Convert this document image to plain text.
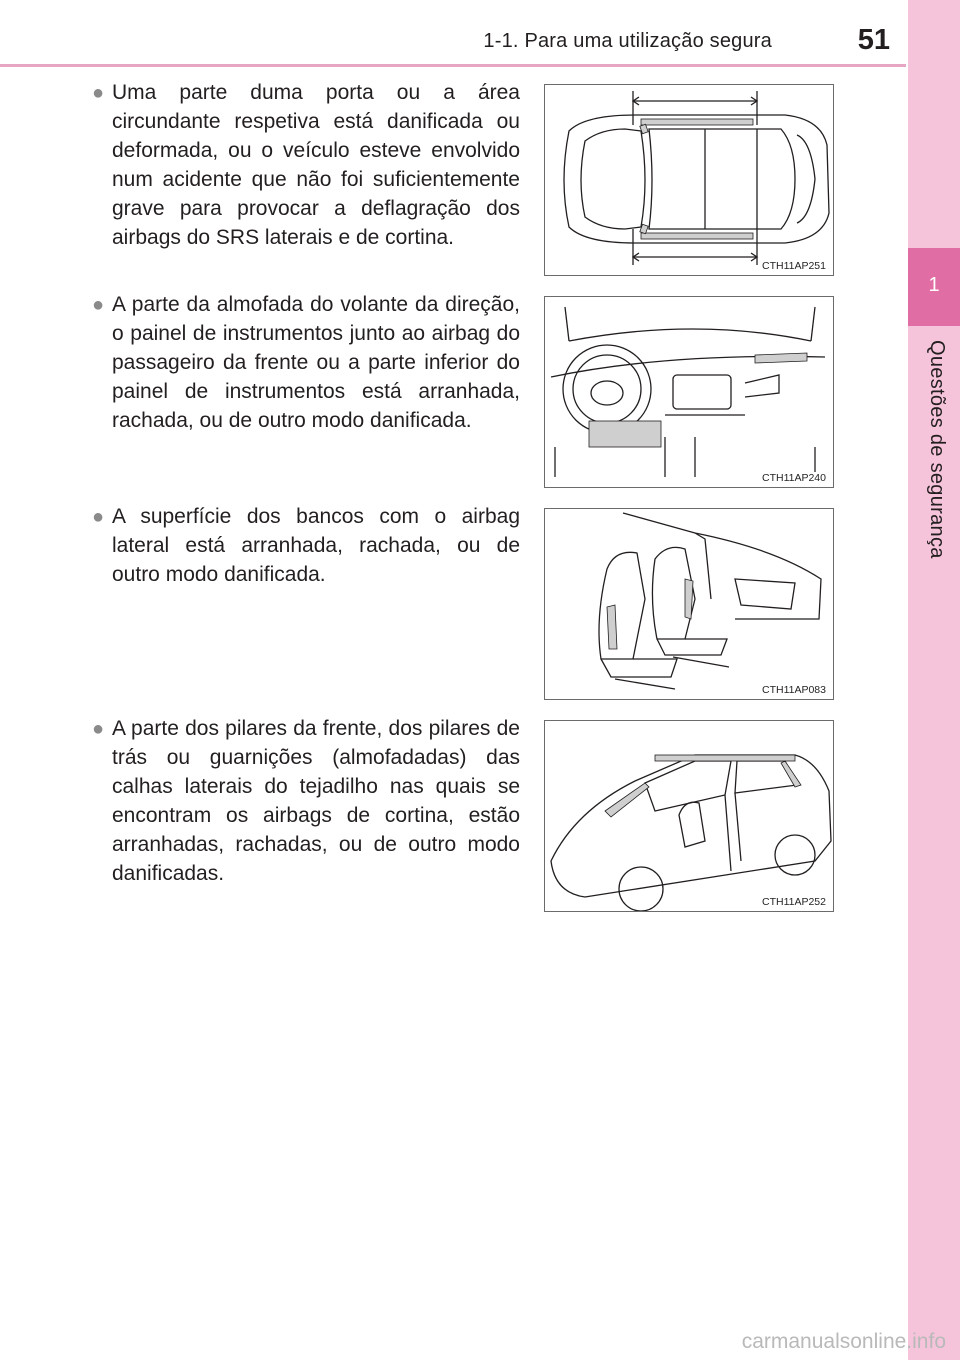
1-1. Para uma utilização segura	51
1
Questões de segurança
● Uma parte duma porta ou a área circundante respetiva está danificada ou deformada, ou o veículo esteve envolvido num acidente que não foi suficientemente grave para provocar a deflagração dos airbags do SRS laterais e de cortina.

CTH11AP251
● A parte da almofada do volante da direção, o painel de instrumentos junto ao airbag do passageiro da frente ou a parte inferior do painel de instrumentos está arranhada, rachada, ou de outro modo danificada.

CTH11AP240
● A superfície dos bancos com o airbag lateral está arranhada, rachada, ou de outro modo danificada.

CTH11AP083
● A parte dos pilares da frente, dos pilares de trás ou guarnições (almofadadas) das calhas laterais do tejadilho nas quais se encontram os airbags de cortina, estão arranhadas, rachadas, ou de outro modo danificadas.

CTH11AP252
carmanualsonline.info
